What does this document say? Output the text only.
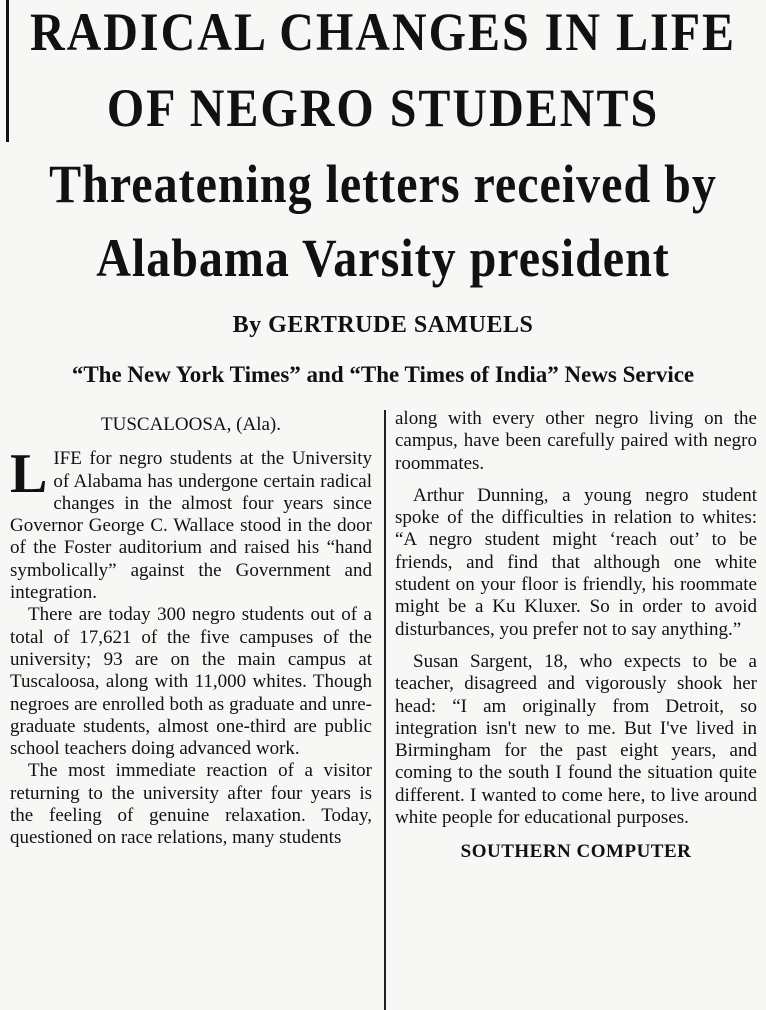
RADICAL CHANGES IN LIFE
OF NEGRO STUDENTS
Threatening letters received by
Alabama Varsity president
By GERTRUDE SAMUELS
“The New York Times” and “The Times of India” News Service
TUSCALOOSA, (Ala).

LIFE for negro students at the University of Alabama has undergone certain radical changes in the almost four years since Governor George C. Wallace stood in the door of the Foster auditorium and raised his “hand symbolically” against the Government and integration.

There are today 300 negro students out of a total of 17,621 of the five campuses of the university; 93 are on the main campus at Tuscaloosa, along with 11,000 whites. Though negroes are enrolled both as graduate and unre-graduate students, almost one-third are public school teachers doing advanced work.

The most immediate reaction of a visitor returning to the university after four years is the feeling of genuine relaxation. Today, questioned on race relations, many students

along with every other negro living on the campus, have been carefully paired with negro roommates.

Arthur Dunning, a young negro student spoke of the difficulties in relation to whites: “A negro student might ‘reach out’ to be friends, and find that although one white student on your floor is friendly, his roommate might be a Ku Kluxer. So in order to avoid disturbances, you prefer not to say anything.”

Susan Sargent, 18, who expects to be a teacher, disagreed and vigorously shook her head: “I am originally from Detroit, so integration isn't new to me. But I've lived in Birmingham for the past eight years, and coming to the south I found the situation quite different. I wanted to come here, to live around white people for educational purposes.

SOUTHERN COMPUTER
